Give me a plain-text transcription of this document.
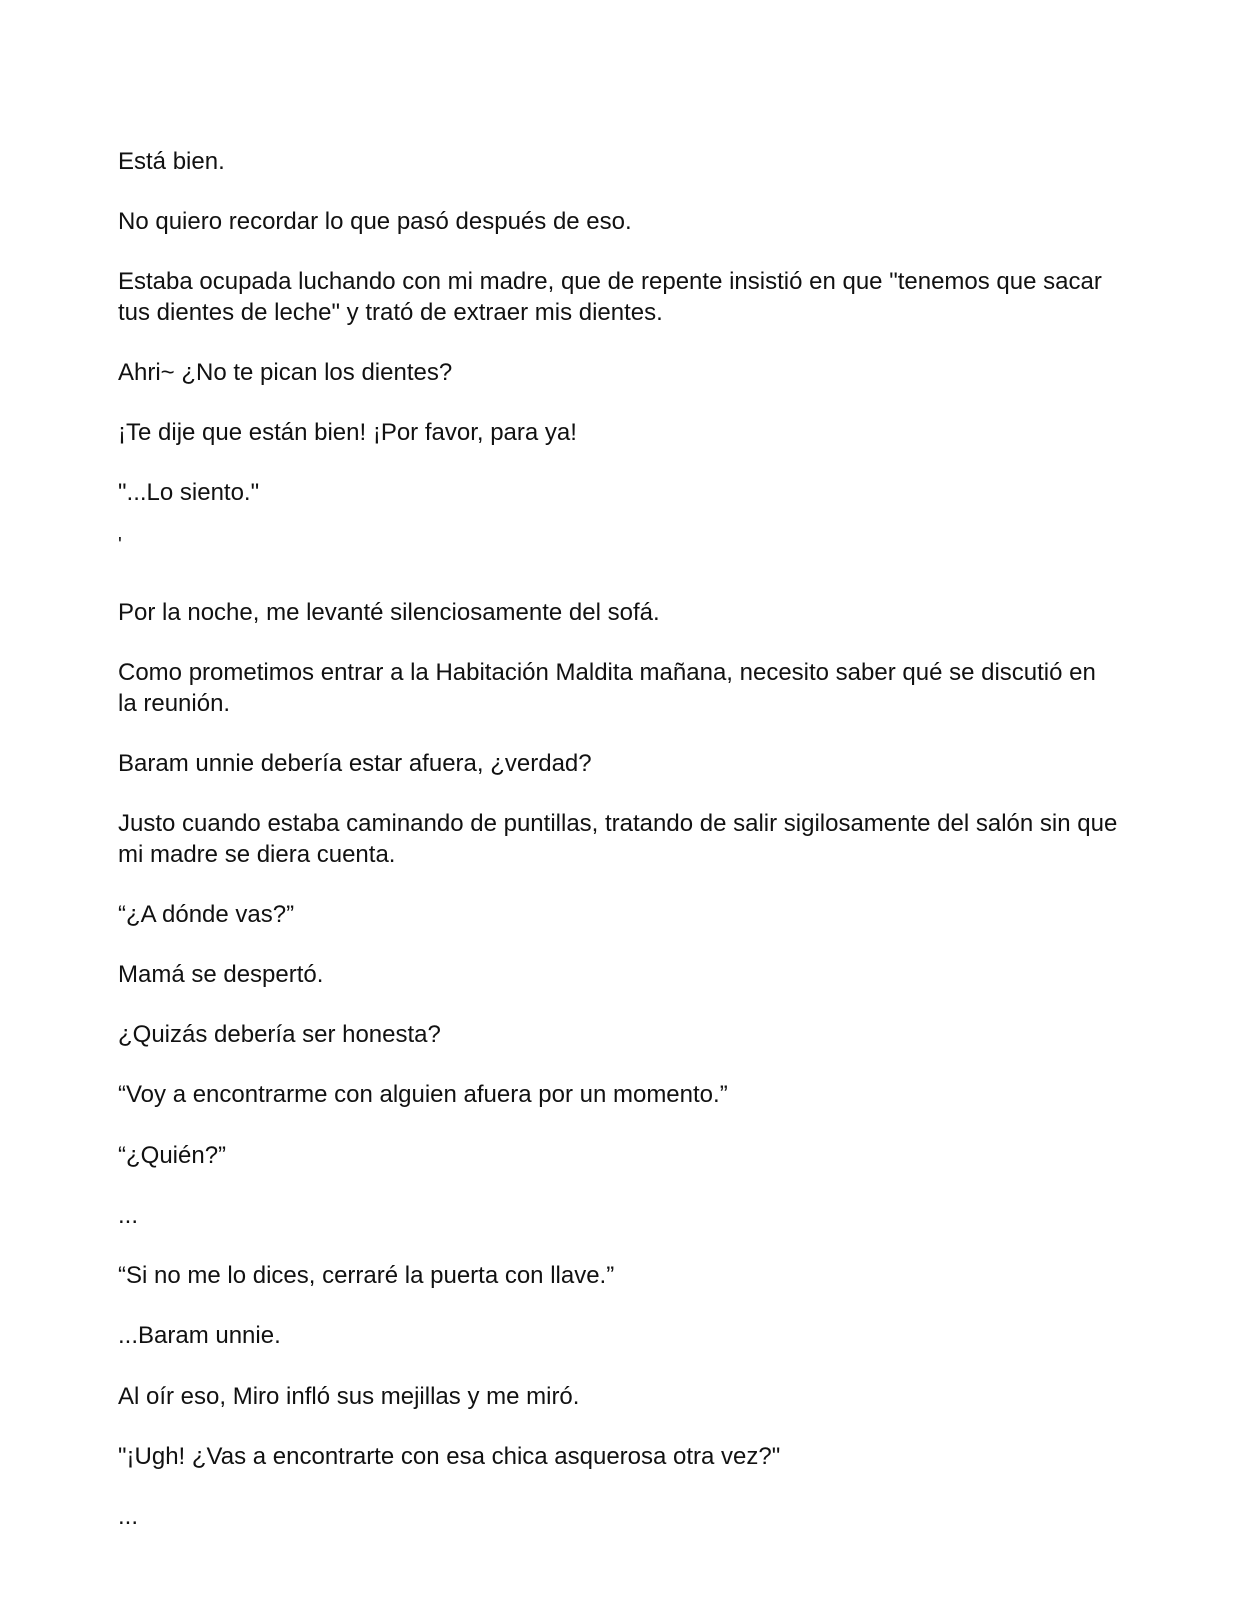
Está bien.

No quiero recordar lo que pasó después de eso.

Estaba ocupada luchando con mi madre, que de repente insistió en que "tenemos que sacar tus dientes de leche" y trató de extraer mis dientes.

Ahri~ ¿No te pican los dientes?

¡Te dije que están bien! ¡Por favor, para ya!

"...Lo siento."

'

Por la noche, me levanté silenciosamente del sofá.

Como prometimos entrar a la Habitación Maldita mañana, necesito saber qué se discutió en la reunión.

Baram unnie debería estar afuera, ¿verdad?

Justo cuando estaba caminando de puntillas, tratando de salir sigilosamente del salón sin que mi madre se diera cuenta.

“¿A dónde vas?”

Mamá se despertó.

¿Quizás debería ser honesta?

“Voy a encontrarme con alguien afuera por un momento.”

“¿Quién?”

...

“Si no me lo dices, cerraré la puerta con llave.”

...Baram unnie.

Al oír eso, Miro infló sus mejillas y me miró.

"¡Ugh! ¿Vas a encontrarte con esa chica asquerosa otra vez?"

...
